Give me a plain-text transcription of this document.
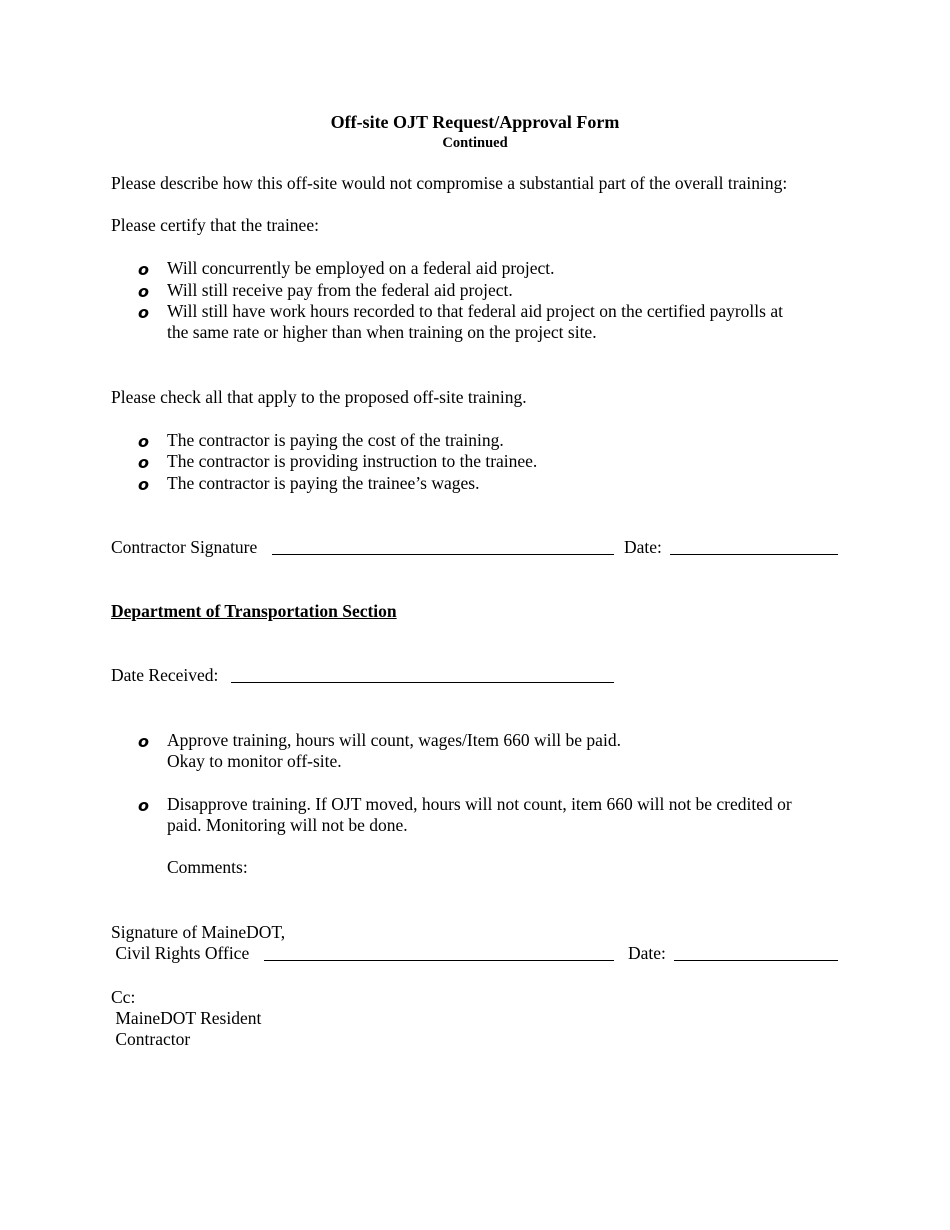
Off-site OJT Request/Approval Form
Continued
Please describe how this off-site would not compromise a substantial part of the overall training:
Please certify that the trainee:
o Will concurrently be employed on a federal aid project.
o Will still receive pay from the federal aid project.
o Will still have work hours recorded to that federal aid project on the certified payrolls at
the same rate or higher than when training on the project site.
Please check all that apply to the proposed off-site training.
o The contractor is paying the cost of the training.
o The contractor is providing instruction to the trainee.
o The contractor is paying the trainee’s wages.
Contractor Signature	Date:
Department of Transportation Section
Date Received:
o Approve training, hours will count, wages/Item 660 will be paid.
Okay to monitor off-site.
o Disapprove training. If OJT moved, hours will not count, item 660 will not be credited or
paid. Monitoring will not be done.
Comments:
Signature of MaineDOT,
Civil Rights Office	Date:
Cc:
MaineDOT Resident
Contractor
